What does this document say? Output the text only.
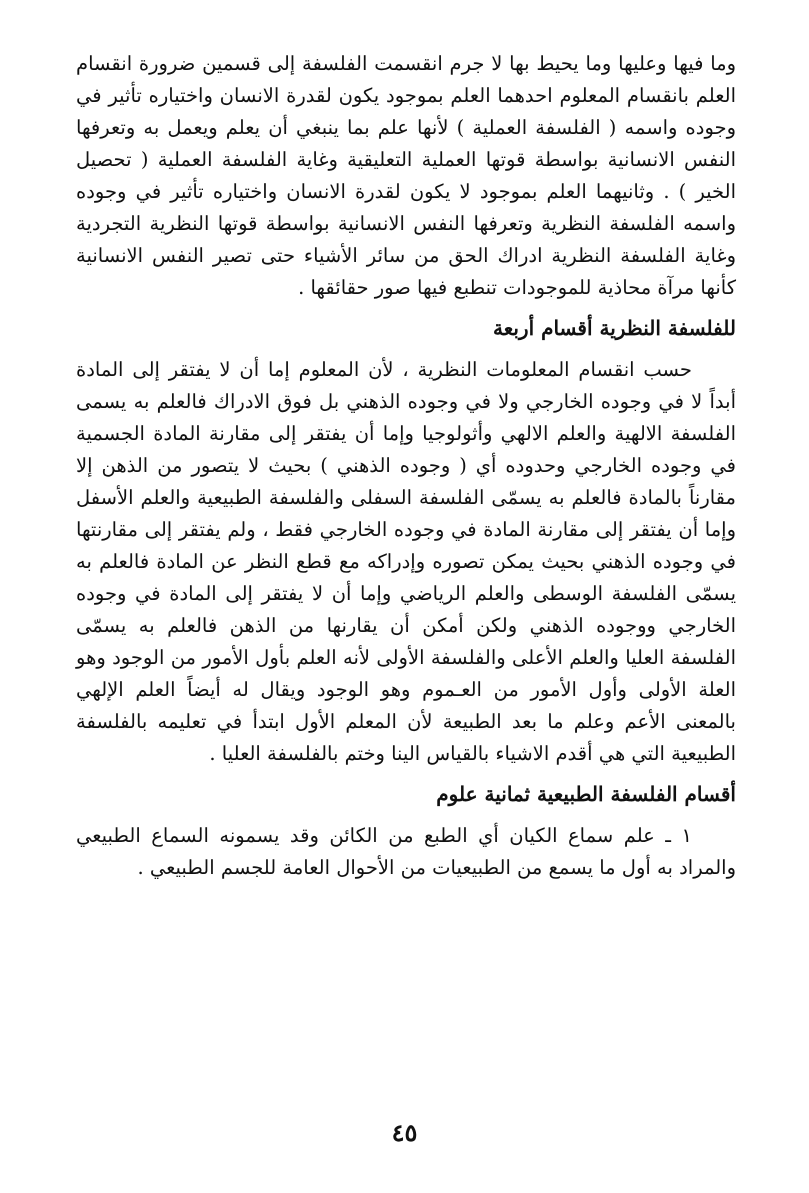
وما فيها وعليها وما يحيط بها لا جرم انقسمت الفلسفة إلى قسمين ضرورة انقسام العلم بانقسام المعلوم احدهما العلم بموجود يكون لقدرة الانسان واختياره تأثير في وجوده واسمه ( الفلسفة العملية ) لأنها علم بما ينبغي أن يعلم ويعمل به وتعرفها النفس الانسانية بواسطة قوتها العملية التعليقية وغاية الفلسفة العملية ( تحصيل الخير ) . وثانيهما العلم بموجود لا يكون لقدرة الانسان واختياره تأثير في وجوده واسمه الفلسفة النظرية وتعرفها النفس الانسانية بواسطة قوتها النظرية التجردية وغاية الفلسفة النظرية ادراك الحق من سائر الأشياء حتى تصير النفس الانسانية كأنها مرآة محاذية للموجودات تنطبع فيها صور حقائقها .

للفلسفة النظرية أقسام أربعة

حسب انقسام المعلومات النظرية ، لأن المعلوم إما أن لا يفتقر إلى المادة أبداً لا في وجوده الخارجي ولا في وجوده الذهني بل فوق الادراك فالعلم به يسمى الفلسفة الالهية والعلم الالهي وأثولوجيا وإما أن يفتقر إلى مقارنة المادة الجسمية في وجوده الخارجي وحدوده أي ( وجوده الذهني ) بحيث لا يتصور من الذهن إلا مقارناً بالمادة فالعلم به يسمّى الفلسفة السفلى والفلسفة الطبيعية والعلم الأسفل وإما أن يفتقر إلى مقارنة المادة في وجوده الخارجي فقط ، ولم يفتقر إلى مقارنتها في وجوده الذهني بحيث يمكن تصوره وإدراكه مع قطع النظر عن المادة فالعلم به يسمّى الفلسفة الوسطى والعلم الرياضي وإما أن لا يفتقر إلى المادة في وجوده الخارجي ووجوده الذهني ولكن أمكن أن يقارنها من الذهن فالعلم به يسمّى الفلسفة العليا والعلم الأعلى والفلسفة الأولى لأنه العلم بأول الأمور من الوجود وهو العلة الأولى وأول الأمور من العـموم وهو الوجود ويقال له أيضاً العلم الإلهي بالمعنى الأعم وعلم ما بعد الطبيعة لأن المعلم الأول ابتدأ في تعليمه بالفلسفة الطبيعية التي هي أقدم الاشياء بالقياس الينا وختم بالفلسفة العليا .

أقسام الفلسفة الطبيعية ثمانية علوم

١ ـ علم سماع الكيان أي الطبع من الكائن وقد يسمونه السماع الطبيعي والمراد به أول ما يسمع من الطبيعيات من الأحوال العامة للجسم الطبيعي .

٤٥
